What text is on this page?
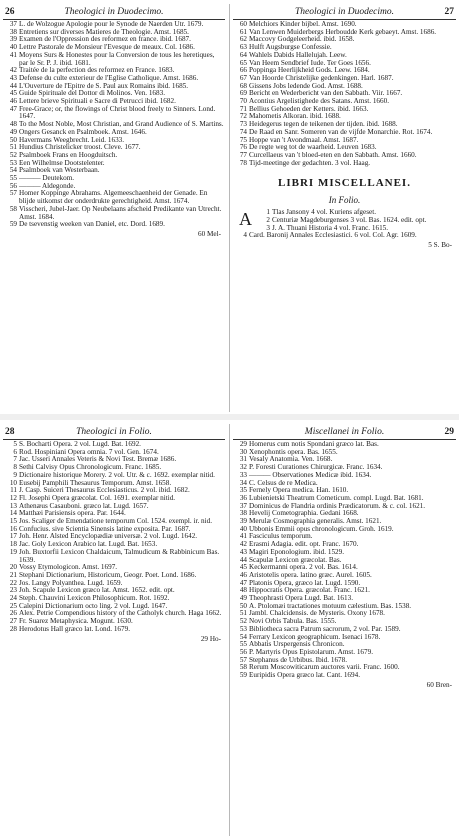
26	Theologici in Duodecimo.
37 L. de Wolzogue Apologie pour le Synode de Naerden Utr. 1679.
38 Entretiens sur diverses Matieres de Theologie. Amst. 1685.
39 Examen de l'Oppression des reformez en france. ibid. 1687.
40 Lettre Pastorale de Monsieur l'Evesque de meaux. Col. 1686.
41 Moyens Surs & Honestes pour la Conversion de tous les heretiques, par le Sr. P. J. ibid. 1681.
42 Traitée de la perfection des reformez en France. 1683.
43 Defense du culte exterieur de l'Eglise Catholique. Amst. 1686.
44 L'Ouverture de l'Epitre de S. Paul aux Romains ibid. 1685.
45 Guide Spirituale del Dottor di Molinos. Ven. 1683.
46 Lettere brieve Spirituali e Sacre di Petrucci ibid. 1682.
47 Free-Grace; or, the flowings of Christ blood freely to Sinners. Lond. 1647.
48 To the Most Noble, Most Christian, and Grand Audience of S. Martins.
49 Ongers Gesanck en Psalmboek. Amst. 1646.
50 Havermans Weegbrecht. Leid. 1633.
51 Hundius Christelicker troost. Cleve. 1677.
52 Psalmboek Frans en Hoogduitsch.
53 Een Wilhelmse Dootstelenter.
54 Psalmboek van Westerbaan.
55 ——— Deutekom.
56 ——— Aldegonde.
57 Homer Koppinge Abrahams. Algemeeschaenheid der Genade. En blijde uitkomst der onderdrukte gerechtigheid. Amst. 1674.
58 Visscheri, Jubel-Jaer. Op Neubelaans afscheid Predikante van Utrecht. Amst. 1684.
59 De tsevenstig weeken van Daniel, etc. Dord. 1689.
60 Mel-
Theologici in Duodecimo.	27
60 Melchiors Kinder bijbel. Amst. 1690.
61 Van Lenwen Muiderbergs Herboudde Kerk gebaeyt. Amst. 1686.
62 Maccovy Godgeleerheid. ibid. 1658.
63 Hulft Augsburgse Confessie.
64 Wahlels Dabids Hallelujah. Leew.
65 Van Heem Sendbrief Iude. Ter Goes 1656.
66 Poppinga Heerlijkheid Gods. Leew. 1684.
67 Van Hoorde Christelijke gedenkingen. Harl. 1687.
68 Gissens Jobs ledende God. Amst. 1688.
69 Bericht en Wederbericht van den Sabbath. Viir. 1667.
70 Acontius Argelistighede des Satans. Amst. 1660.
71 Bellius Gehoeden der Ketters. ibid. 1663.
72 Mahometis Alkoran. ibid. 1688.
73 Heidegerus tegen de teikenen der tijden. ibid. 1688.
74 De Raad en Sanr. Someren van de vijfde Monarchie. Rot. 1674.
75 Hoppe van 't Avondmaal. Amst. 1687.
76 De regte weg tot de waarheid. Leuven 1683.
77 Curcellaeus van 't bloed-eten en den Sabbath. Amst. 1660.
78 Tijd-meetinge der gedachten. 3 vol. Haag.
LIBRI MISCELLANEI.
In Folio.
A	1 Tlas Jansony 4 vol. Kuriens afgeset.
2 Centuriæ Magdeburgenses 3 vol. Bas. 1624. edit. opt.
3 J. A. Thuani Historia 4 vol. Franc. 1615.
4 Card. Baronij Annales Ecclesiastici. 6 vol. Col. Agr. 1609.
5 S. Bo-
28	Theologici in Folio.
5 S. Bocharti Opera. 2 vol. Lugd. Bat. 1692.
6 Rod. Hospiniani Opera omnia. 7 vol. Gen. 1674.
7 Jac. Usseri Annales Veteris & Novi Test. Bremæ 1686.
8 Sethi Calvisy Opus Chronologicum. Franc. 1685.
9 Dictionaire historique Morery. 2 vol. Utr. & c. 1692. exemplar nitid.
10 Eusebij Pamphili Thesaurus Temporum. Amst. 1658.
11 J. Casp. Suiceri Thesaurus Ecclesiasticus. 2 vol. ibid. 1682.
12 Fl. Josephi Opera græcolat. Col. 1691. exemplar nitid.
13 Athenæus Casauboni. græco lat. Lugd. 1657.
14 Matthæi Parisiensis opera. Par. 1644.
15 Jos. Scaliger de Emendatione temporum Col. 1524. exempl. ir. nid.
16 Confucius. sive Scientia Sinensis latine exposita. Par. 1687.
17 Joh. Henr. Alsted Encyclopædiæ universæ. 2 vol. Lugd. 1642.
18 Jac. Goly Lexicon Arabico lat. Lugd. Bat. 1653.
19 Joh. Buxtorfii Lexicon Chaldaicum, Talmudicum & Rabbinicum Bas. 1639.
20 Vossy Etymologicon. Amst. 1697.
21 Stephani Dictionarium, Historicum, Geogr. Poet. Lond. 1686.
22 Jos. Langy Polyanthea. Lugd. 1659.
23 Joh. Scapule Lexicon græco lat. Amst. 1652. edit. opt.
24 Steph. Chauvini Lexicon Philosophicum. Rot. 1692.
25 Calepini Dictionarium octo ling. 2 vol. Lugd. 1647.
26 Alex. Petrie Compendious history of the Catholyk church. Haga 1662.
27 Fr. Suarez Metaphysica. Mogunt. 1630.
28 Herodotus Hall græco lat. Lond. 1679.
29 Ho-
Miscellanei in Folio.	29
29 Homerus cum notis Spondani græco lat. Bas.
30 Xenophontis opera. Bas. 1655.
31 Vesaly Anatomia. Ven. 1668.
32 P. Foresti Curationes Chirurgicæ. Franc. 1634.
33 ——— Observationes Medicæ ibid. 1634.
34 C. Celsus de re Medica.
35 Fernely Opera medica. Han. 1610.
36 Lubienietski Theatrum Cometicum. compl. Lugd. Bat. 1681.
37 Dominicus de Flandria ordinis Prædicatorum. & c. col. 1621.
38 Hevelij Cometographia. Gedani 1668.
39 Merulæ Cosmographia generalis. Amst. 1621.
40 Ubbonis Emmii opus chronologicum. Groh. 1619.
41 Fasciculus temporum.
42 Erasmi Adagia. edit. opt. Franc. 1670.
43 Magiri Eponologium. ibid. 1529.
44 Scapulæ Lexicon græcolat. Bas.
45 Keckermanni opera. 2 vol. Bas. 1614.
46 Aristotelis opera. latino græc. Aurel. 1605.
47 Platonis Opera, græco lat. Lugd. 1590.
48 Hippocratis Opera. græcolat. Franc. 1621.
49 Theophrasti Opera Lugd. Bat. 1613.
50 A. Ptolomæi tractationes motuum cælestium. Bas. 1538.
51 Jambl. Chalcidensis. de Mysteris. Oxony 1678.
52 Novi Orbis Tabula. Bas. 1555.
53 Bibliotheca sacra Patrum sacrorum, 2 vol. Par. 1589.
54 Ferrary Lexicon geographicum. Isenaci 1678.
55 Abbatis Urspergensis Chronicon.
56 P. Martyris Opus Epistolarum. Amst. 1679.
57 Stephanus de Urbibus. Ibid. 1678.
58 Rerum Moscowiticarum auctores varii. Franc. 1600.
59 Euripidis Opera græco lat. Cant. 1694.
60 Bren-
